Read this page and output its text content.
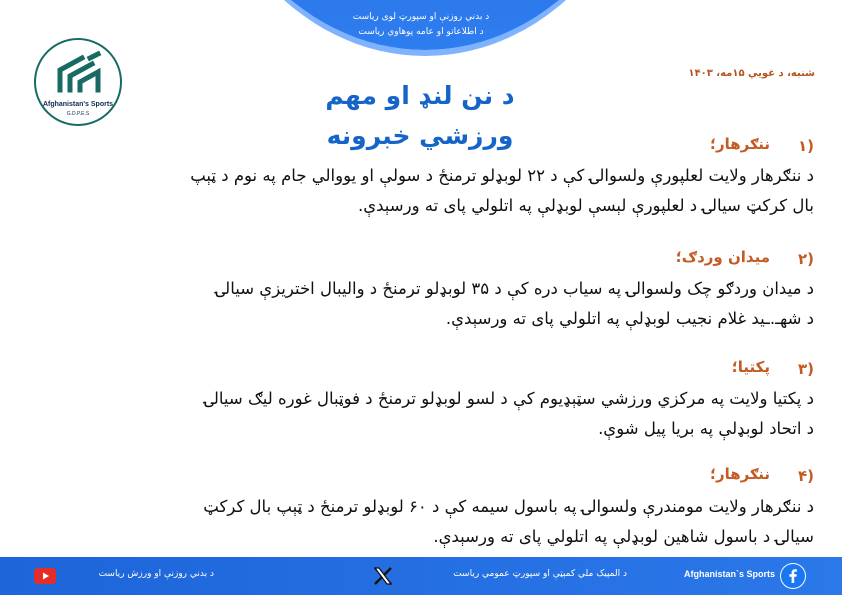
د بدني روزنې او سپورټ لوی ریاست
د اطلاعاتو او عامه پوهاوي ریاست
Afghanistan's Sports
G.D.P.E.S
شنبه، د غويي ۱۵مه، ۱۴۰۳
د نن لنډ او مهم
ورزشي خبرونه	۱)
ننګرهار؛
د ننګرهار ولایت لعلپورې ولسوالۍ کې د ۲۲ لوبډلو ترمنځ د سولې او یووالي جام په نوم د ټېپ
بال کرکټ سیالۍ د لعلپورې لېسې لوبډلې په اتلولي پای ته ورسېدې.
۲)
میدان وردګ؛
د میدان وردګو چک ولسوالۍ په سیاب دره کې د ۳۵ لوبډلو ترمنځ د والیبال اختریزې سیالۍ
د شهـ.ـید غلام نجیب لوبډلې په اتلولي پای ته ورسېدې.
۳)
پکتیا؛
د پکتیا ولایت په مرکزي ورزشي سټېډیوم کې د لسو لوبډلو ترمنځ د فوټبال غوره لیګ سیالۍ
د اتحاد لوبډلې په بریا پیل شوې.
۴)
ننګرهار؛
د ننګرهار ولایت مومندرې ولسوالۍ په باسول سیمه کې د ۶۰ لوبډلو ترمنځ د ټېپ بال کرکټ
سیالۍ د باسول شاهین لوبډلې په اتلولي پای ته ورسېدې.
Afghanistan`s Sports
د المپیک ملي کمېټې او سپورټ عمومي ریاست
د بدني روزنې او ورزش ریاست
